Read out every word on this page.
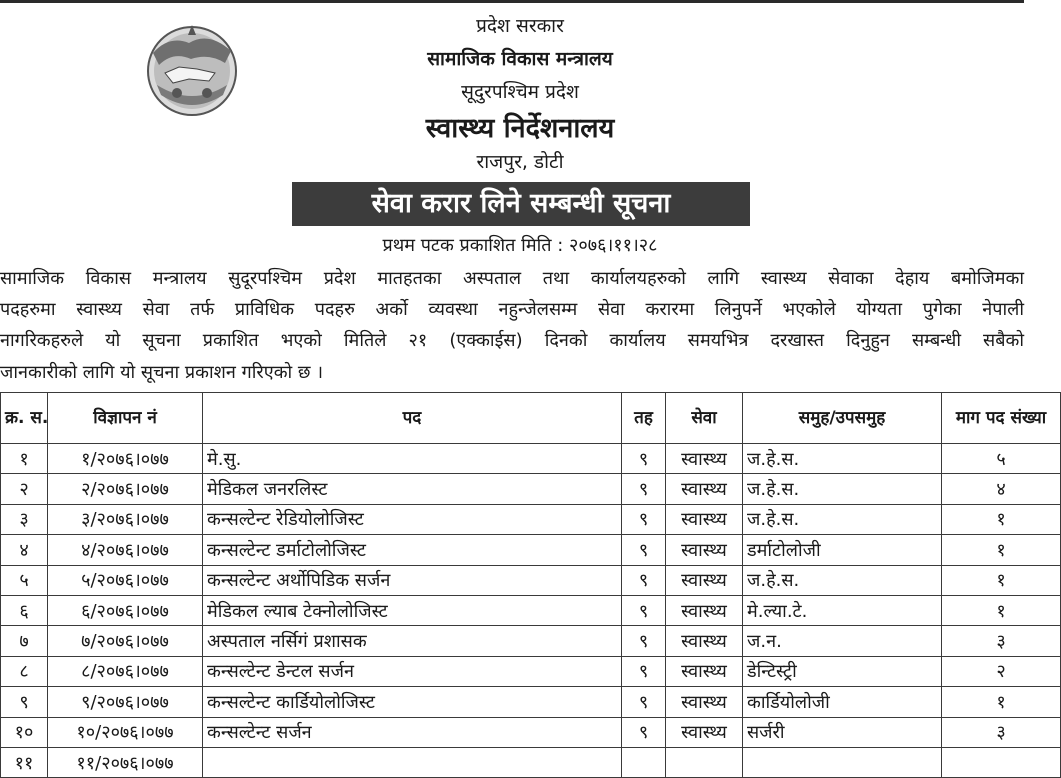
प्रदेश सरकार
सामाजिक विकास मन्त्रालय
सूदुरपश्चिम प्रदेश
स्वास्थ्य निर्देशनालय
राजपुर, डोटी
सेवा करार लिने सम्बन्धी सूचना
प्रथम पटक प्रकाशित मिति : २०७६।११।२८
सामाजिक विकास मन्त्रालय सुदूरपश्चिम प्रदेश मातहतका अस्पताल तथा कार्यालयहरुको लागि स्वास्थ्य सेवाका देहाय बमोजिमका
पदहरुमा स्वास्थ्य सेवा तर्फ प्राविधिक पदहरु अर्को व्यवस्था नहुन्जेलसम्म सेवा करारमा लिनुपर्ने भएकोले योग्यता पुगेका नेपाली
नागरिकहरुले यो सूचना प्रकाशित भएको मितिले २१ (एक्काईस) दिनको कार्यालय समयभित्र दरखास्त दिनुहुन सम्बन्धी सबैको
जानकारीको लागि यो सूचना प्रकाशन गरिएको छ ।
क्र. स.	विज्ञापन नं	पद	तह	सेवा	समुह/उपसमुह	माग पद संख्या
१	१/२०७६।०७७	मे.सु.	९	स्वास्थ्य	ज.हे.स.	५
२	२/२०७६।०७७	मेडिकल जनरलिस्ट	९	स्वास्थ्य	ज.हे.स.	४
३	३/२०७६।०७७	कन्सल्टेन्ट रेडियोलोजिस्ट	९	स्वास्थ्य	ज.हे.स.	१
४	४/२०७६।०७७	कन्सल्टेन्ट डर्माटोलोजिस्ट	९	स्वास्थ्य	डर्माटोलोजी	१
५	५/२०७६।०७७	कन्सल्टेन्ट अर्थोपिडिक सर्जन	९	स्वास्थ्य	ज.हे.स.	१
६	६/२०७६।०७७	मेडिकल ल्याब टेक्नोलोजिस्ट	९	स्वास्थ्य	मे.ल्या.टे.	१
७	७/२०७६।०७७	अस्पताल नर्सिगं प्रशासक	९	स्वास्थ्य	ज.न.	३
८	८/२०७६।०७७	कन्सल्टेन्ट डेन्टल सर्जन	९	स्वास्थ्य	डेन्टिस्ट्री	२
९	९/२०७६।०७७	कन्सल्टेन्ट कार्डियोलोजिस्ट	९	स्वास्थ्य	कार्डियोलोजी	१
१०	१०/२०७६।०७७	कन्सल्टेन्ट सर्जन	९	स्वास्थ्य	सर्जरी	३
११	११/२०७६।०७७					
